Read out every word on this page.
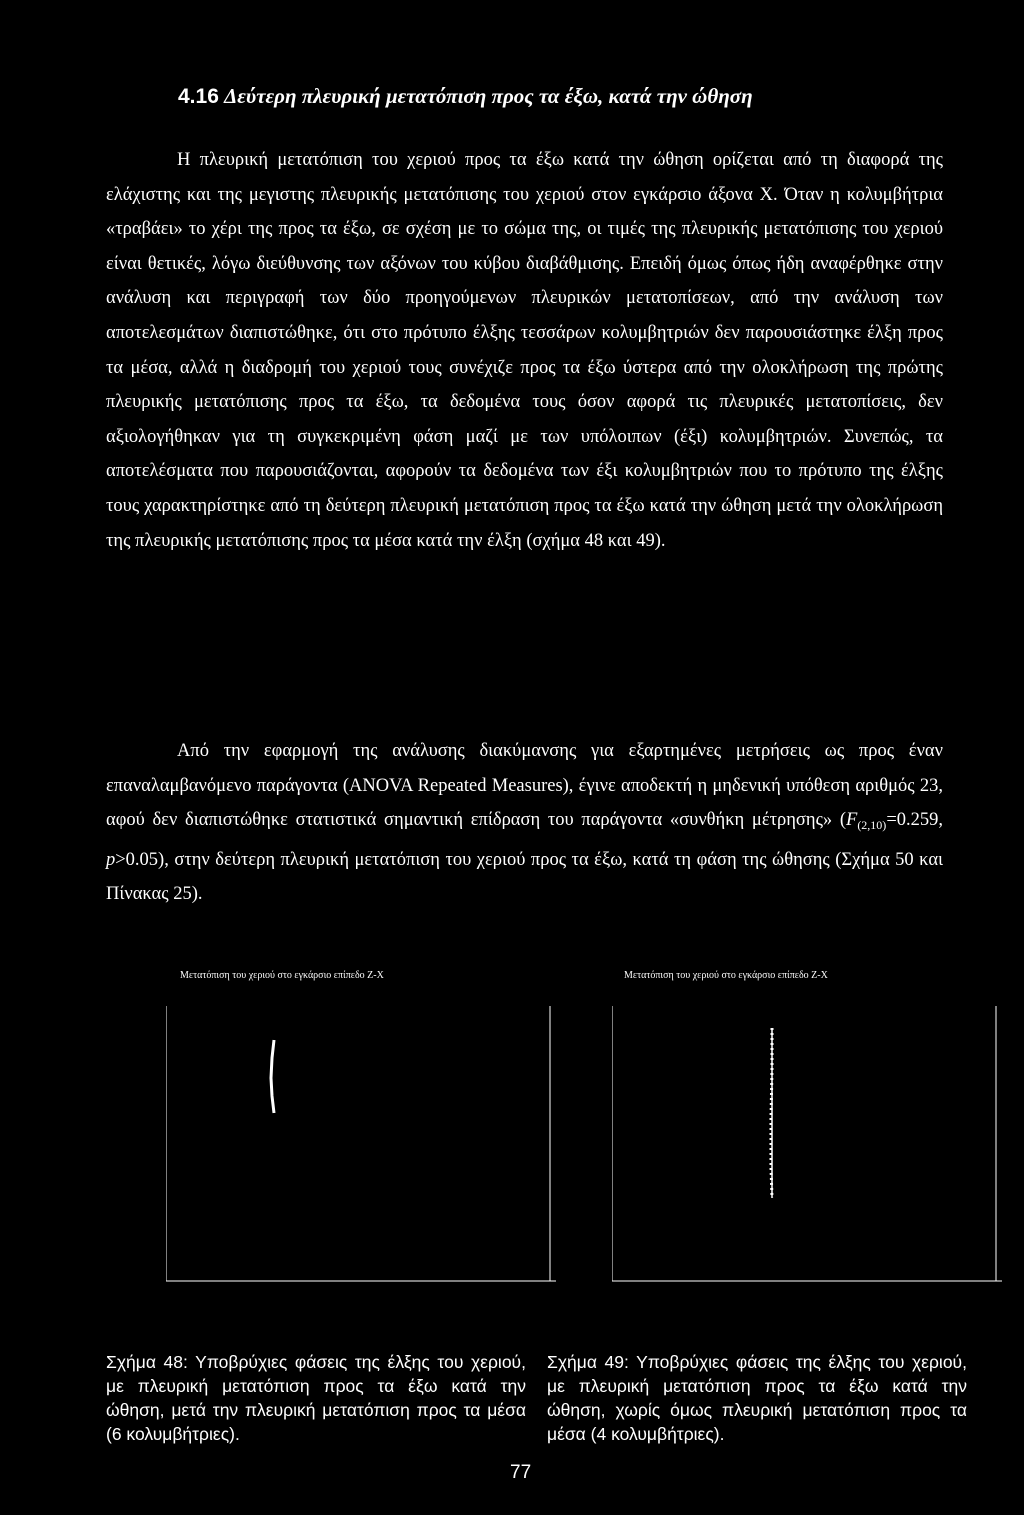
4.16 Δεύτερη πλευρική μετατόπιση προς τα έξω, κατά την ώθηση

Η πλευρική μετατόπιση του χεριού προς τα έξω κατά την ώθηση ορίζεται από τη διαφορά της ελάχιστης και της μεγιστης πλευρικής μετατόπισης του χεριού στον εγκάρσιο άξονα Χ. Όταν η κολυμβήτρια «τραβάει» το χέρι της προς τα έξω, σε σχέση με το σώμα της, οι τιμές της πλευρικής μετατόπισης του χεριού είναι θετικές, λόγω διεύθυνσης των αξόνων του κύβου διαβάθμισης. Επειδή όμως όπως ήδη αναφέρθηκε στην ανάλυση και περιγραφή των δύο προηγούμενων πλευρικών μετατοπίσεων, από την ανάλυση των αποτελεσμάτων διαπιστώθηκε, ότι στο πρότυπο έλξης τεσσάρων κολυμβητριών δεν παρουσιάστηκε έλξη προς τα μέσα, αλλά η διαδρομή του χεριού τους συνέχιζε προς τα έξω ύστερα από την ολοκλήρωση της πρώτης πλευρικής μετατόπισης προς τα έξω, τα δεδομένα τους όσον αφορά τις πλευρικές μετατοπίσεις, δεν αξιολογήθηκαν για τη συγκεκριμένη φάση μαζί με των υπόλοιπων (έξι) κολυμβητριών. Συνεπώς, τα αποτελέσματα που παρουσιάζονται, αφορούν τα δεδομένα των έξι κολυμβητριών που το πρότυπο της έλξης τους χαρακτηρίστηκε από τη δεύτερη πλευρική μετατόπιση προς τα έξω κατά την ώθηση μετά την ολοκλήρωση της πλευρικής μετατόπισης προς τα μέσα κατά την έλξη (σχήμα 48 και 49).

Από την εφαρμογή της ανάλυσης διακύμανσης για εξαρτημένες μετρήσεις ως προς έναν επαναλαμβανόμενο παράγοντα (ANOVA Repeated Measures), έγινε αποδεκτή η μηδενική υπόθεση αριθμός 23, αφού δεν διαπιστώθηκε στατιστικά σημαντική επίδραση του παράγοντα «συνθήκη μέτρησης» ($F_{(2,10)}=0.259$, p>0.05), στην δεύτερη πλευρική μετατόπιση του χεριού προς τα έξω, κατά τη φάση της ώθησης (Σχήμα 50 και Πίνακας 25).

Μετατόπιση του χεριού στο εγκάρσιο επίπεδο Z-X	Μετατόπιση του χεριού στο εγκάρσιο επίπεδο Z-X
Σχήμα 48: Υποβρύχιες φάσεις της έλξης του χεριού, με πλευρική μετατόπιση προς τα έξω κατά την ώθηση, μετά την πλευρική μετατόπιση προς τα μέσα (6 κολυμβήτριες).
Σχήμα 49: Υποβρύχιες φάσεις της έλξης του χεριού, με πλευρική μετατόπιση προς τα έξω κατά την ώθηση, χωρίς όμως πλευρική μετατόπιση προς τα μέσα (4 κολυμβήτριες).
77
